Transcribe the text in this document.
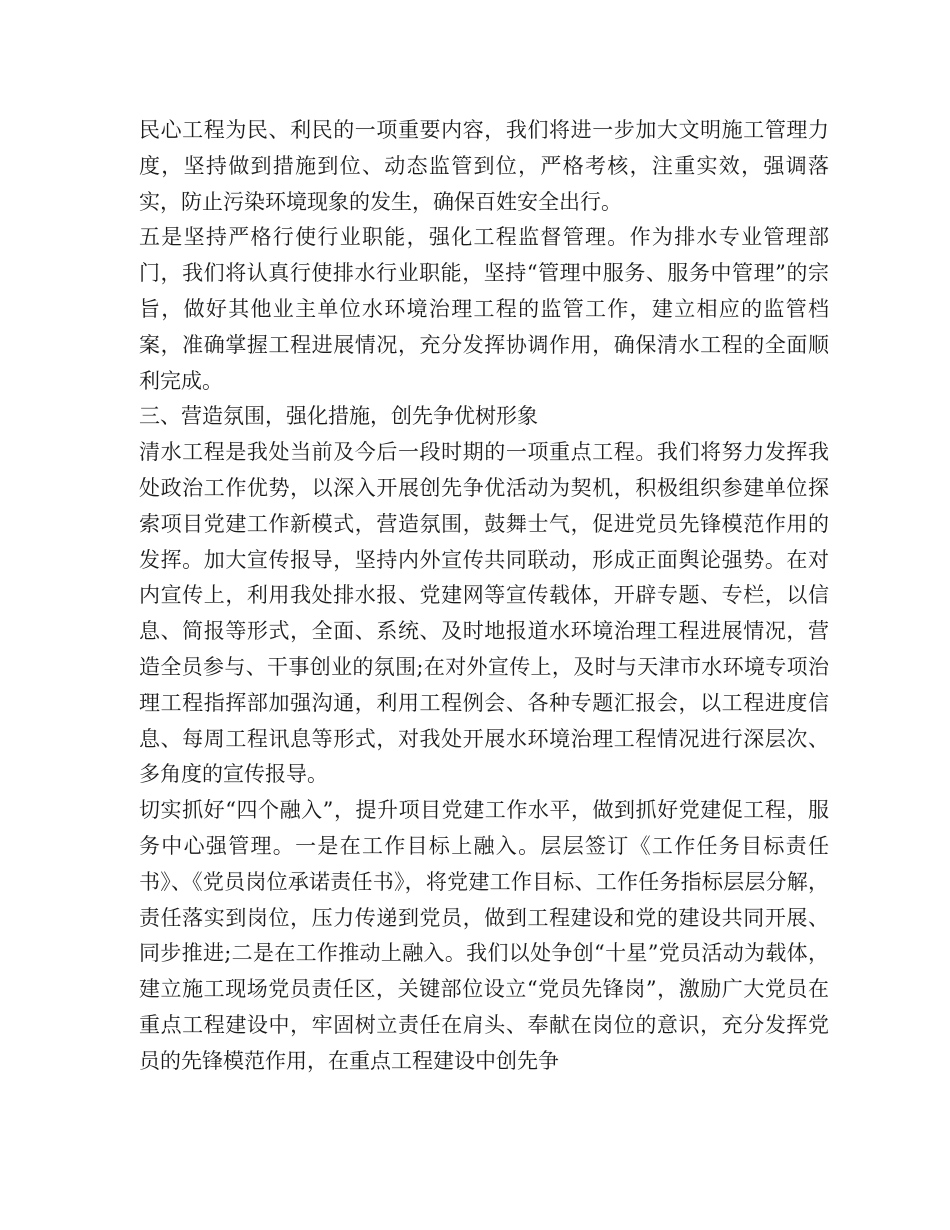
民心工程为民、利民的一项重要内容，我们将进一步加大文明施工管理力度，坚持做到措施到位、动态监管到位，严格考核，注重实效，强调落实，防止污染环境现象的发生，确保百姓安全出行。

五是坚持严格行使行业职能，强化工程监督管理。作为排水专业管理部门，我们将认真行使排水行业职能，坚持“管理中服务、服务中管理”的宗旨，做好其他业主单位水环境治理工程的监管工作，建立相应的监管档案，准确掌握工程进展情况，充分发挥协调作用，确保清水工程的全面顺利完成。

三、营造氛围，强化措施，创先争优树形象

清水工程是我处当前及今后一段时期的一项重点工程。我们将努力发挥我处政治工作优势，以深入开展创先争优活动为契机，积极组织参建单位探索项目党建工作新模式，营造氛围，鼓舞士气，促进党员先锋模范作用的发挥。加大宣传报导，坚持内外宣传共同联动，形成正面舆论强势。在对内宣传上，利用我处排水报、党建网等宣传载体，开辟专题、专栏，以信息、简报等形式，全面、系统、及时地报道水环境治理工程进展情况，营造全员参与、干事创业的氛围;在对外宣传上，及时与天津市水环境专项治理工程指挥部加强沟通，利用工程例会、各种专题汇报会，以工程进度信息、每周工程讯息等形式，对我处开展水环境治理工程情况进行深层次、多角度的宣传报导。

切实抓好“四个融入”，提升项目党建工作水平，做到抓好党建促工程，服务中心强管理。一是在工作目标上融入。层层签订《工作任务目标责任书》、《党员岗位承诺责任书》，将党建工作目标、工作任务指标层层分解，责任落实到岗位，压力传递到党员，做到工程建设和党的建设共同开展、同步推进;二是在工作推动上融入。我们以处争创“十星”党员活动为载体，建立施工现场党员责任区，关键部位设立“党员先锋岗”，激励广大党员在重点工程建设中，牢固树立责任在肩头、奉献在岗位的意识，充分发挥党员的先锋模范作用，在重点工程建设中创先争
